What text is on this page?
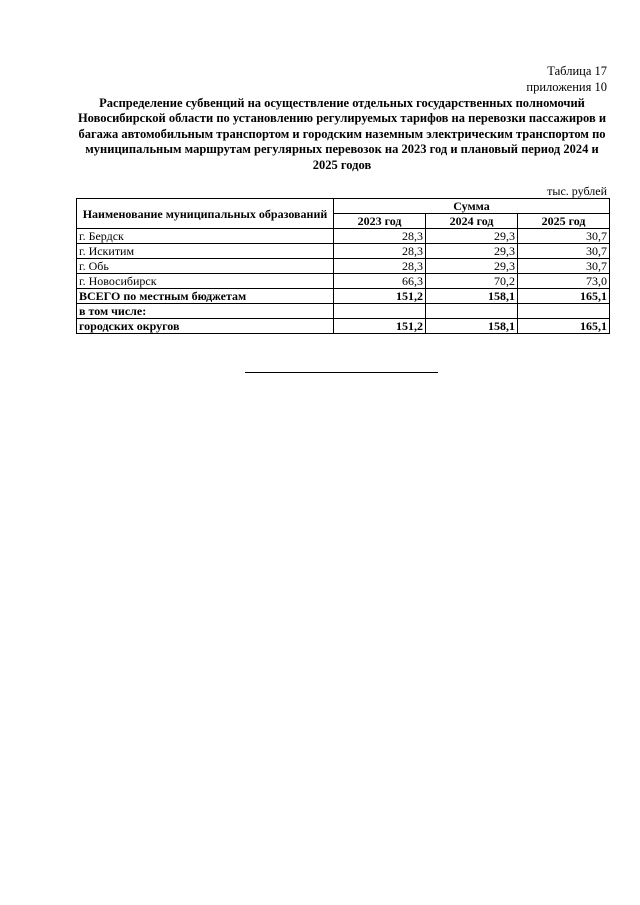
Таблица 17
приложения 10
Распределение субвенций на осуществление отдельных государственных полномочий
Новосибирской области по установлению регулируемых тарифов на перевозки пассажиров и
багажа автомобильным транспортом и городским наземным электрическим транспортом по
муниципальным маршрутам регулярных перевозок на 2023 год и плановый период 2024 и
2025 годов
тыс. рублей
Наименование муниципальных образований	Сумма		
	2023 год	2024 год	2025 год
г. Бердск	28,3	29,3	30,7
г. Искитим	28,3	29,3	30,7
г. Обь	28,3	29,3	30,7
г. Новосибирск	66,3	70,2	73,0
ВСЕГО по местным бюджетам	151,2	158,1	165,1
в том числе:			
городских округов	151,2	158,1	165,1
